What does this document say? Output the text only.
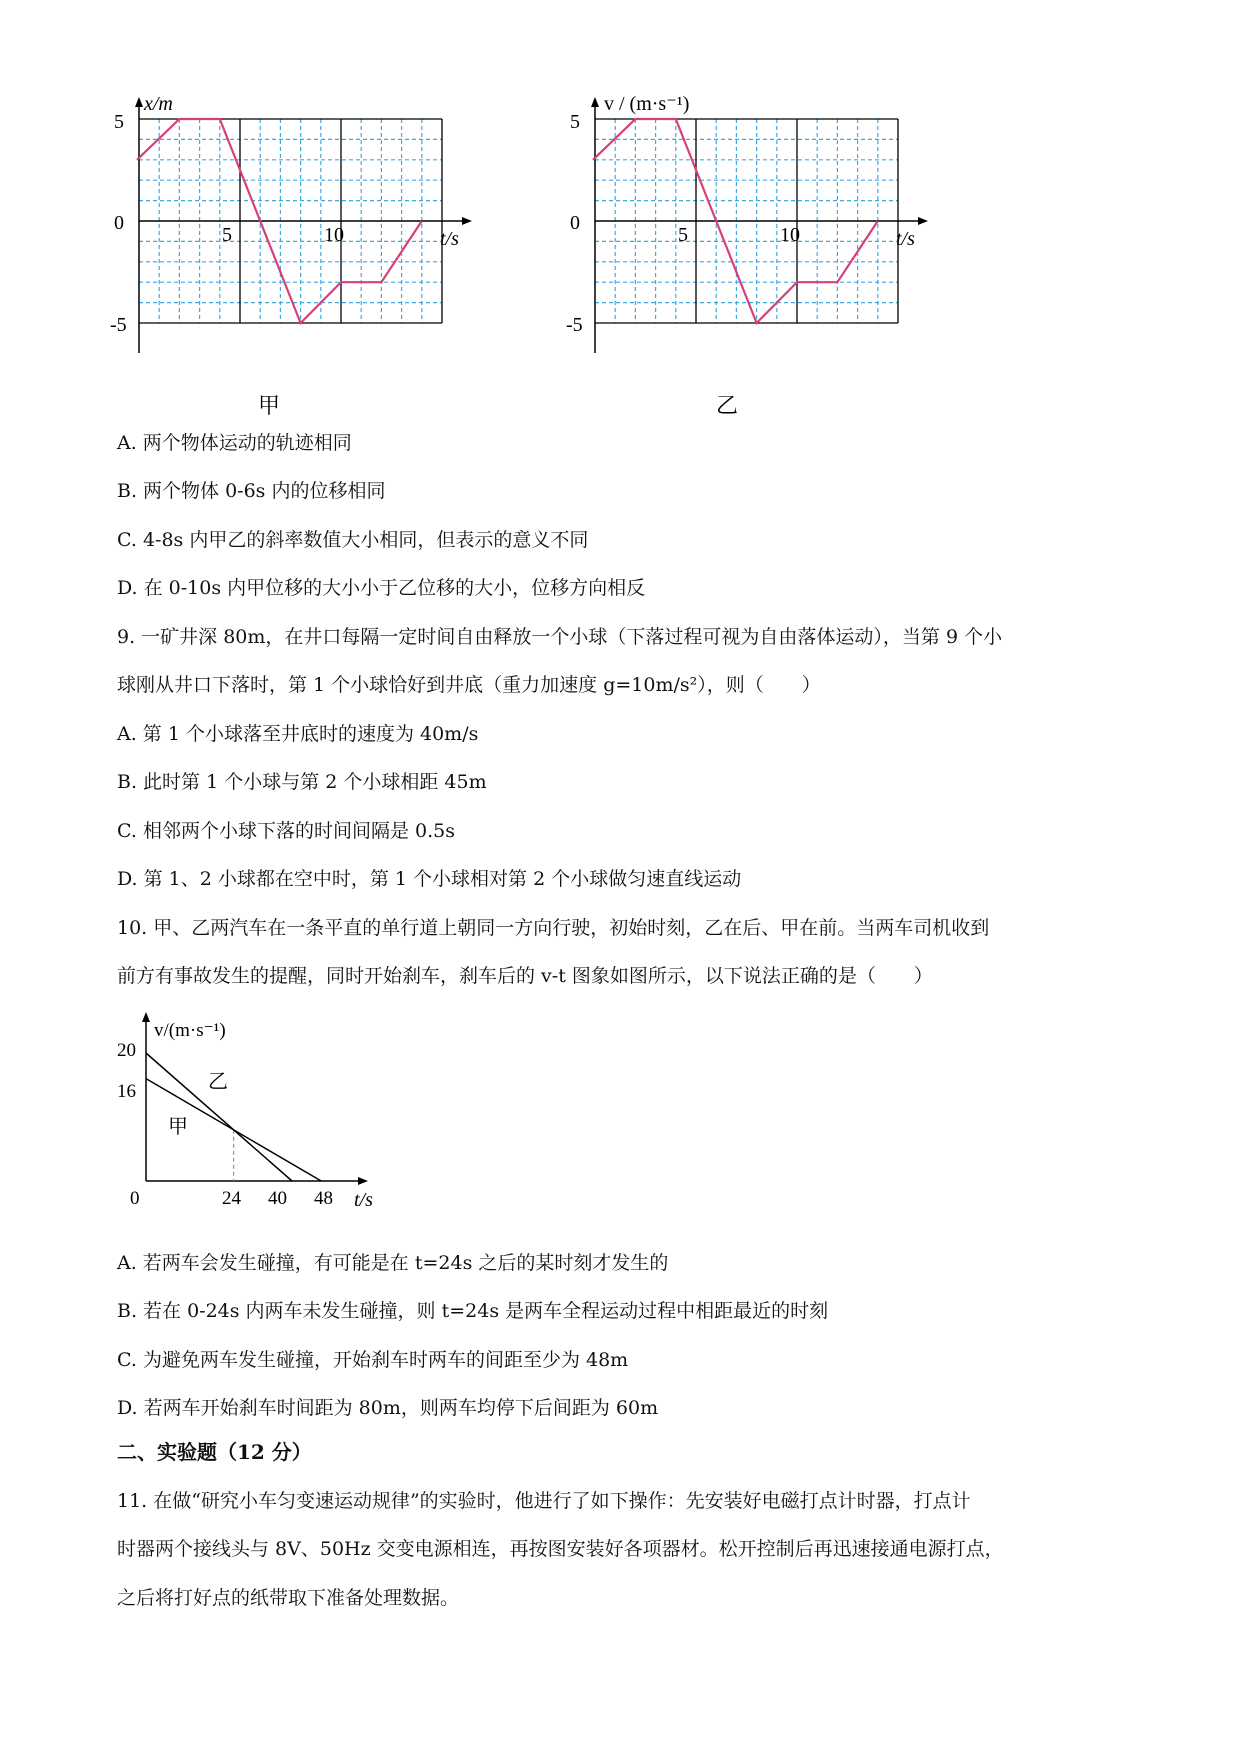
x/m
t/s
5
0
-5
5	10
甲
v / (m·s⁻¹)
t/s
5
0
-5
5	10
乙
A. 两个物体运动的轨迹相同
B. 两个物体 0-6s 内的位移相同
C. 4-8s 内甲乙的斜率数值大小相同，但表示的意义不同
D. 在 0-10s 内甲位移的大小小于乙位移的大小，位移方向相反
9. 一矿井深 80m，在井口每隔一定时间自由释放一个小球（下落过程可视为自由落体运动），当第 9 个小
球刚从井口下落时，第 1 个小球恰好到井底（重力加速度 g=10m/s²），则（　　）
A. 第 1 个小球落至井底时的速度为 40m/s
B. 此时第 1 个小球与第 2 个小球相距 45m
C. 相邻两个小球下落的时间间隔是 0.5s
D. 第 1、2 小球都在空中时，第 1 个小球相对第 2 个小球做匀速直线运动
10. 甲、乙两汽车在一条平直的单行道上朝同一方向行驶，初始时刻，乙在后、甲在前。当两车司机收到
前方有事故发生的提醒，同时开始刹车，刹车后的 v-t 图象如图所示，以下说法正确的是（　　）
v/(m·s⁻¹)
t/s
0
20
16
24 40 48
乙
甲
A. 若两车会发生碰撞，有可能是在 t=24s 之后的某时刻才发生的
B. 若在 0-24s 内两车未发生碰撞，则 t=24s 是两车全程运动过程中相距最近的时刻
C. 为避免两车发生碰撞，开始刹车时两车的间距至少为 48m
D. 若两车开始刹车时间距为 80m，则两车均停下后间距为 60m
二、实验题（12 分）
11. 在做“研究小车匀变速运动规律”的实验时，他进行了如下操作：先安装好电磁打点计时器，打点计
时器两个接线头与 8V、50Hz 交变电源相连，再按图安装好各项器材。松开控制后再迅速接通电源打点，
之后将打好点的纸带取下准备处理数据。
